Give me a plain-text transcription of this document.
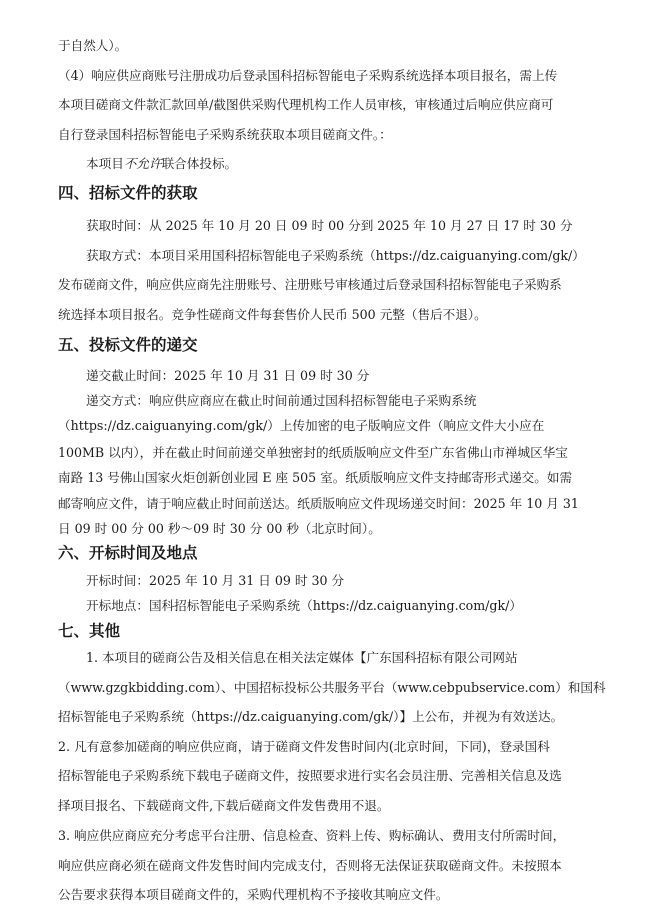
于自然人）。
（4）响应供应商账号注册成功后登录国科招标智能电子采购系统选择本项目报名，需上传
本项目磋商文件款汇款回单/截图供采购代理机构工作人员审核，审核通过后响应供应商可
自行登录国科招标智能电子采购系统获取本项目磋商文件。：
本项目不允许联合体投标。
四、招标文件的获取
获取时间：从 2025 年 10 月 20 日 09 时 00 分到 2025 年 10 月 27 日 17 时 30 分
获取方式：本项目采用国科招标智能电子采购系统（https://dz.caiguanying.com/gk/）
发布磋商文件，响应供应商先注册账号、注册账号审核通过后登录国科招标智能电子采购系
统选择本项目报名。竞争性磋商文件每套售价人民币 500 元整（售后不退）。
五、投标文件的递交
递交截止时间：2025 年 10 月 31 日 09 时 30 分
递交方式：响应供应商应在截止时间前通过国科招标智能电子采购系统
（https://dz.caiguanying.com/gk/）上传加密的电子版响应文件（响应文件大小应在
100MB 以内），并在截止时间前递交单独密封的纸质版响应文件至广东省佛山市禅城区华宝
南路 13 号佛山国家火炬创新创业园 E 座 505 室。纸质版响应文件支持邮寄形式递交。如需
邮寄响应文件，请于响应截止时间前送达。纸质版响应文件现场递交时间：2025 年 10 月 31
日 09 时 00 分 00 秒～09 时 30 分 00 秒（北京时间）。
六、开标时间及地点
开标时间：2025 年 10 月 31 日 09 时 30 分
开标地点：国科招标智能电子采购系统（https://dz.caiguanying.com/gk/）
七、其他
1. 本项目的磋商公告及相关信息在相关法定媒体【广东国科招标有限公司网站
（www.gzgkbidding.com）、中国招标投标公共服务平台（www.cebpubservice.com）和国科
招标智能电子采购系统（https://dz.caiguanying.com/gk/）】上公布，并视为有效送达。
2. 凡有意参加磋商的响应供应商，请于磋商文件发售时间内(北京时间，下同)，登录国科
招标智能电子采购系统下载电子磋商文件，按照要求进行实名会员注册、完善相关信息及选
择项目报名、下载磋商文件,下载后磋商文件发售费用不退。
3. 响应供应商应充分考虑平台注册、信息检查、资料上传、购标确认、费用支付所需时间，
响应供应商必须在磋商文件发售时间内完成支付，否则将无法保证获取磋商文件。未按照本
公告要求获得本项目磋商文件的，采购代理机构不予接收其响应文件。
